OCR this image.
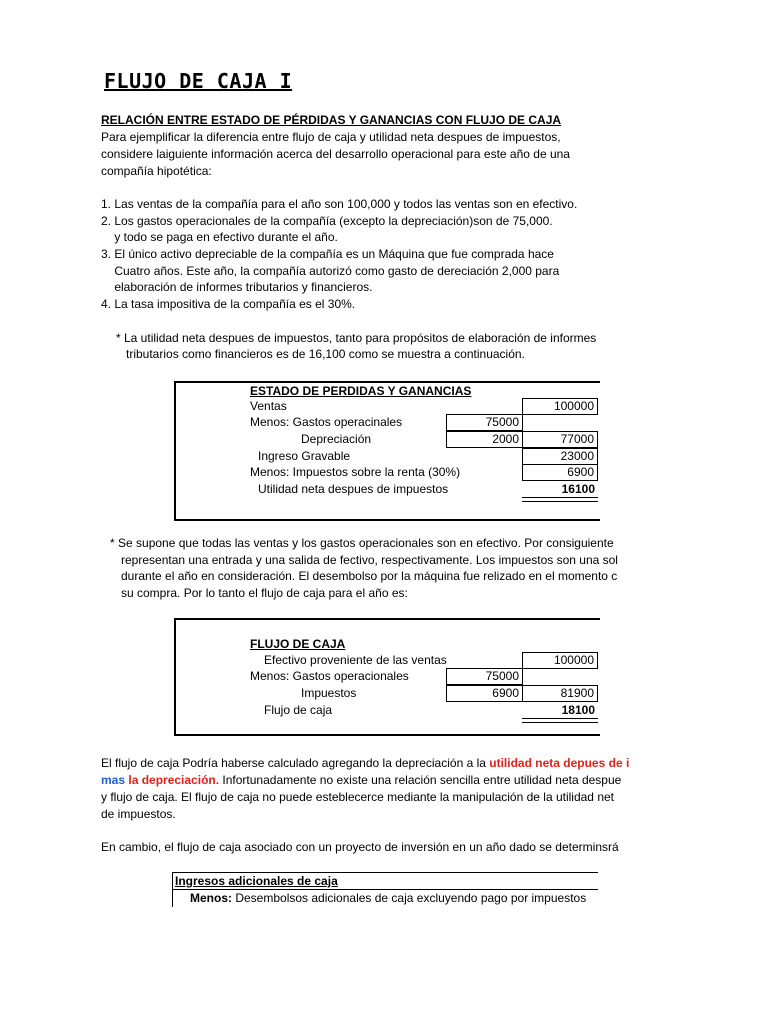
FLUJO DE CAJA I
RELACIÓN ENTRE ESTADO DE PÉRDIDAS Y GANANCIAS CON FLUJO DE CAJA
Para ejemplificar la diferencia entre flujo de caja y utilidad neta despues de impuestos,
considere laiguiente información acerca del desarrollo operacional para este año de una
compañía hipotética:
1. Las ventas de la compañía para el año son 100,000 y todos las ventas son en efectivo.
2. Los gastos operacionales de la compañía (excepto la depreciación)son de 75,000.
y todo se paga en efectivo durante el año.
3. El único activo depreciable de la compañía es un Máquina que fue comprada hace
Cuatro años. Este año, la compañía autorizó como gasto de dereciación 2,000 para
elaboración de informes tributarios y financieros.
4. La tasa impositiva de la compañía es el 30%.
* La utilidad neta despues de impuestos, tanto para propósitos de elaboración de informes
tributarios como financieros es de 16,100 como se muestra a continuación.
ESTADO DE PERDIDAS Y GANANCIAS
Ventas	100000
Menos: Gastos operacinales	75000
Depreciación	2000	77000
Ingreso Gravable	23000
Menos: Impuestos sobre la renta (30%)	6900
Utilidad neta despues de impuestos	16100
* Se supone que todas las ventas y los gastos operacionales son en efectivo. Por consiguiente
representan una entrada y una salida de fectivo, respectivamente. Los impuestos son una sol
durante el año en consideración. El desembolso por la máquina fue relizado en el momento c
su compra. Por lo tanto el flujo de caja para el año es:
FLUJO DE CAJA
Efectivo proveniente de las ventas	100000
Menos: Gastos operacionales	75000
Impuestos	6900	81900
Flujo de caja	18100
El flujo de caja Podría haberse calculado agregando la depreciación a la utilidad neta depues de i
mas la depreciación. Infortunadamente no existe una relación sencilla entre utilidad neta despue
y flujo de caja. El flujo de caja no puede esteblecerce mediante la manipulación de la utilidad net
de impuestos.
En cambio, el flujo de caja asociado con un proyecto de inversión en un año dado se determinsrá
Ingresos adicionales de caja
Menos: Desembolsos adicionales de caja excluyendo pago por impuestos
